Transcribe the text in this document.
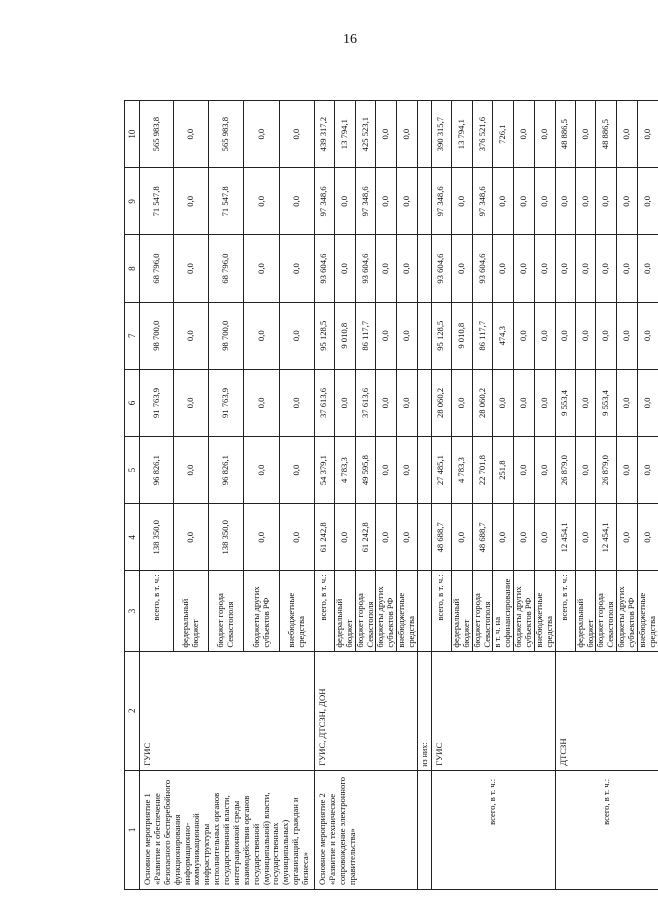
16
1	2	3	4	5	6	7	8	9	10
Основное мероприятие 1 «Развитие и обеспечение безопасного бесперебойного функционирования информационно-коммуникационной инфраструктуры исполнительных органов государственной власти, интеграционной среды взаимодействия органов государственной (муниципальной) власти, государственных (муниципальных) организаций, граждан и бизнеса»	ГУИС	всего, в т. ч.:	138 350,0	96 826,1	91 763,9	98 700,0	68 796,0	71 547,8	565 983,8
		федеральный бюджет	0,0	0,0	0,0	0,0	0,0	0,0	0,0
		бюджет города Севастополя	138 350,0	96 826,1	91 763,9	98 700,0	68 796,0	71 547,8	565 983,8
		бюджеты других субъектов РФ	0,0	0,0	0,0	0,0	0,0	0,0	0,0
		внебюджетные средства	0,0	0,0	0,0	0,0	0,0	0,0	0,0
Основное мероприятие 2 «Развитие и техническое сопровождение электронного правительства»	ГУИС, ДТСЗН, ДОН	всего, в т. ч.:	61 242,8	54 379,1	37 613,6	95 128,5	93 604,6	97 348,6	439 317,2
		федеральный бюджет	0,0	4 783,3	0,0	9 010,8	0,0	0,0	13 794,1
		бюджет города Севастополя	61 242,8	49 595,8	37 613,6	86 117,7	93 604,6	97 348,6	425 523,1
		бюджеты других субъектов РФ	0,0	0,0	0,0	0,0	0,0	0,0	0,0
		внебюджетные средства	0,0	0,0	0,0	0,0	0,0	0,0	0,0
	из них:								
всего, в т. ч.:	ГУИС	всего, в т. ч.:	48 688,7	27 485,1	28 060,2	95 128,5	93 604,6	97 348,6	390 315,7
		федеральный бюджет	0,0	4 783,3	0,0	9 010,8	0,0	0,0	13 794,1
		бюджет города Севастополя	48 688,7	22 701,8	28 060,2	86 117,7	93 604,6	97 348,6	376 521,6
		в т. ч. на софинансирование	0,0	251,8	0,0	474,3	0,0	0,0	726,1
		бюджеты других субъектов РФ	0,0	0,0	0,0	0,0	0,0	0,0	0,0
		внебюджетные средства	0,0	0,0	0,0	0,0	0,0	0,0	0,0
всего, в т. ч.:	ДТСЗН	всего, в т. ч.:	12 454,1	26 879,0	9 553,4	0,0	0,0	0,0	48 886,5
		федеральный бюджет	0,0	0,0	0,0	0,0	0,0	0,0	0,0
		бюджет города Севастополя	12 454,1	26 879,0	9 553,4	0,0	0,0	0,0	48 886,5
		бюджеты других субъектов РФ	0,0	0,0	0,0	0,0	0,0	0,0	0,0
		внебюджетные средства	0,0	0,0	0,0	0,0	0,0	0,0	0,0
